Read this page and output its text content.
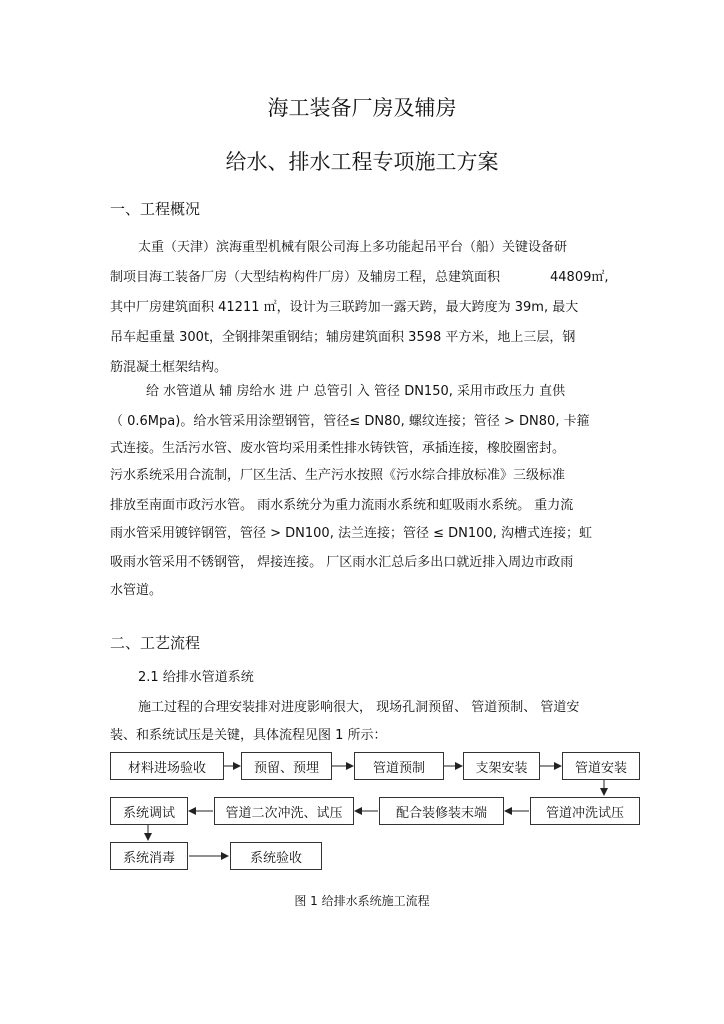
海工装备厂房及辅房
给水、排水工程专项施工方案
一、工程概况
太重（天津）滨海重型机械有限公司海上多功能起吊平台（船）关键设备研
制项目海工装备厂房（大型结构构件厂房）及辅房工程，总建筑面积	44809㎡,
其中厂房建筑面积 41211 ㎡，设计为三联跨加一露天跨，最大跨度为 39m, 最大
吊车起重量 300t，全钢排架重钢结；辅房建筑面积 3598 平方米，地上三层，钢
筋混凝土框架结构。
给 水管道从 辅 房给水 进 户 总管引 入 管径 DN150, 采用市政压力 直供
（ 0.6Mpa)。给水管采用涂塑钢管，管径≤ DN80, 螺纹连接；管径 > DN80, 卡箍
式连接。生活污水管、废水管均采用柔性排水铸铁管，承插连接，橡胶圈密封。
污水系统采用合流制，厂区生活、生产污水按照《污水综合排放标准》三级标准
排放至南面市政污水管。 雨水系统分为重力流雨水系统和虹吸雨水系统。 重力流
雨水管采用镀锌钢管，管径 > DN100, 法兰连接；管径 ≤ DN100, 沟槽式连接；虹
吸雨水管采用不锈钢管， 焊接连接。 厂区雨水汇总后多出口就近排入周边市政雨
水管道。
二、工艺流程
2.1 给排水管道系统
施工过程的合理安装排对进度影响很大， 现场孔洞预留、 管道预制、 管道安
装、和系统试压是关键，具体流程见图 1 所示：
材料进场验收	预留、预埋	管道预制	支架安装	管道安装
管道冲洗试压
配合装修装末端
管道二次冲洗、试压
系统调试
系统消毒	系统验收
图 1 给排水系统施工流程
